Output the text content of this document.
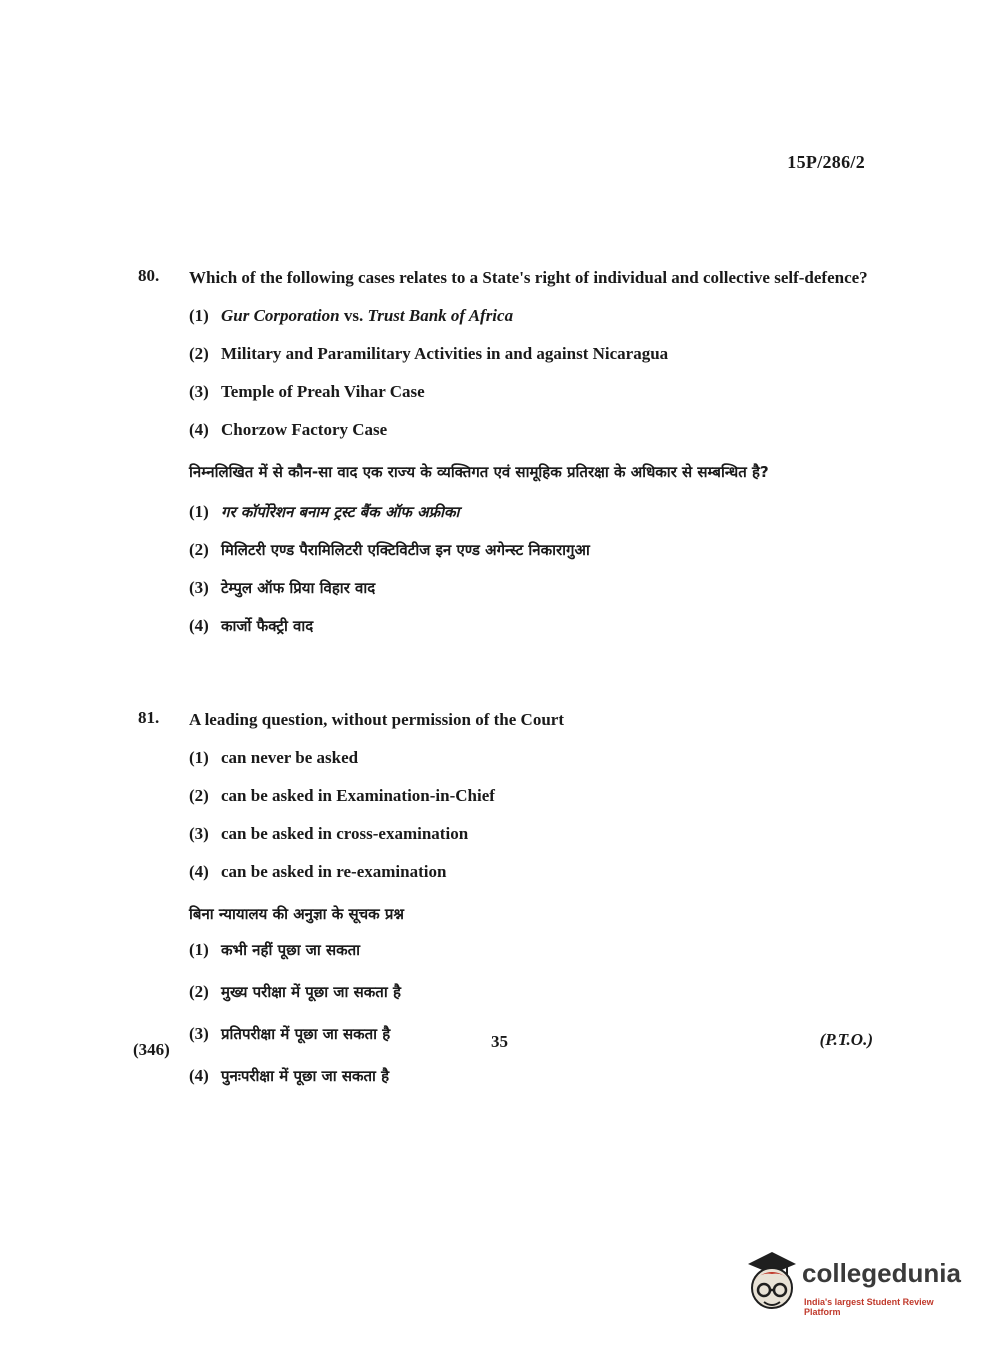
15P/286/2
80. Which of the following cases relates to a State's right of individual and collective self-defence?
(1) Gur Corporation vs. Trust Bank of Africa
(2) Military and Paramilitary Activities in and against Nicaragua
(3) Temple of Preah Vihar Case
(4) Chorzow Factory Case
निम्नलिखित में से कौन-सा वाद एक राज्य के व्यक्तिगत एवं सामूहिक प्रतिरक्षा के अधिकार से सम्बन्धित है?
(1) गर कॉर्पोरेशन बनाम ट्रस्ट बैंक ऑफ अफ्रीका
(2) मिलिटरी एण्ड पैरामिलिटरी एक्टिविटीज इन एण्ड अगेन्स्ट निकारागुआ
(3) टेम्पुल ऑफ प्रिया विहार वाद
(4) कार्जो फैक्ट्री वाद
81. A leading question, without permission of the Court
(1) can never be asked
(2) can be asked in Examination-in-Chief
(3) can be asked in cross-examination
(4) can be asked in re-examination
बिना न्यायालय की अनुज्ञा के सूचक प्रश्न
(1) कभी नहीं पूछा जा सकता
(2) मुख्य परीक्षा में पूछा जा सकता है
(3) प्रतिपरीक्षा में पूछा जा सकता है
(4) पुनःपरीक्षा में पूछा जा सकता है
(346)	35	(P.T.O.)
collegedunia
India's largest Student Review Platform
